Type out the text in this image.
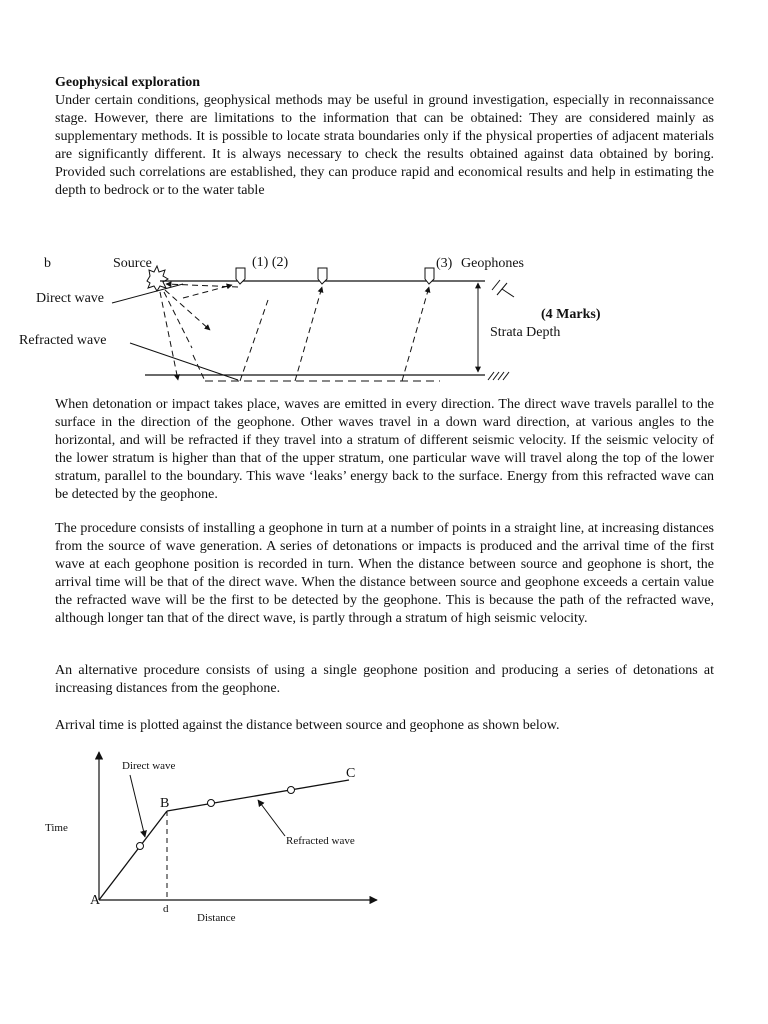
Geophysical exploration
Under certain conditions, geophysical methods may be useful in ground investigation, especially in reconnaissance stage. However, there are limitations to the information that can be obtained: They are considered mainly as supplementary methods. It is possible to locate strata boundaries only if the physical properties of adjacent materials are significantly different. It is always necessary to check the results obtained against data obtained by boring. Provided such correlations are established, they can produce rapid and economical results and help in estimating the depth to bedrock or to the water table
b	Source	(1) (2)	(3) Geophones
Direct wave
Refracted wave
(4 Marks)
Strata Depth
When detonation or impact takes place, waves are emitted in every direction. The direct wave travels parallel to the surface in the direction of the geophone. Other waves travel in a down ward direction, at various angles to the horizontal, and will be refracted if they travel into a stratum of different seismic velocity. If the seismic velocity of the lower stratum is higher than that of the upper stratum, one particular wave will travel along the top of the lower stratum, parallel to the boundary. This wave ‘leaks’ energy back to the surface. Energy from this refracted wave can be detected by the geophone.
The procedure consists of installing a geophone in turn at a number of points in a straight line, at increasing distances from the source of wave generation. A series of detonations or impacts is produced and the arrival time of the first wave at each geophone position is recorded in turn. When the distance between source and geophone is short, the arrival time will be that of the direct wave. When the distance between source and geophone exceeds a certain value the refracted wave will be the first to be detected by the geophone. This is because the path of the refracted wave, although longer tan that of the direct wave, is partly through a stratum of high seismic velocity.
An alternative procedure consists of using a single geophone position and producing a series of detonations at increasing distances from the geophone.
Arrival time is plotted against the distance between source and geophone as shown below.
Direct wave
B
C
Time
Refracted wave
A
d
Distance
